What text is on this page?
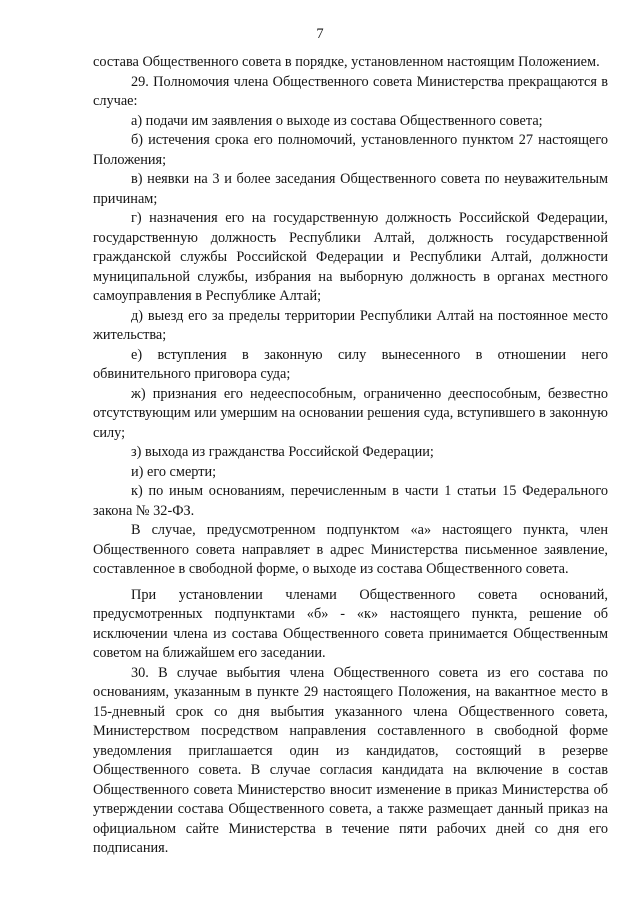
7

состава Общественного совета в порядке, установленном настоящим Положением.

29. Полномочия члена Общественного совета Министерства прекращаются в случае:

а) подачи им заявления о выходе из состава Общественного совета;

б) истечения срока его полномочий, установленного пунктом 27 настоящего Положения;

в) неявки на 3 и более заседания Общественного совета по неуважительным причинам;

г) назначения его на государственную должность Российской Федерации, государственную должность Республики Алтай, должность государственной гражданской службы Российской Федерации и Республики Алтай, должности муниципальной службы, избрания на выборную должность в органах местного самоуправления в Республике Алтай;

д) выезд его за пределы территории Республики Алтай на постоянное место жительства;

е) вступления в законную силу вынесенного в отношении него обвинительного приговора суда;

ж) признания его недееспособным, ограниченно дееспособным, безвестно отсутствующим или умершим на основании решения суда, вступившего в законную силу;

з) выхода из гражданства Российской Федерации;

и) его смерти;

к) по иным основаниям, перечисленным в части 1 статьи 15 Федерального закона № 32-ФЗ.

В случае, предусмотренном подпунктом «а» настоящего пункта, член Общественного совета направляет в адрес Министерства письменное заявление, составленное в свободной форме, о выходе из состава Общественного совета.

При установлении членами Общественного совета оснований, предусмотренных подпунктами «б» - «к» настоящего пункта, решение об исключении члена из состава Общественного совета принимается Общественным советом на ближайшем его заседании.

30. В случае выбытия члена Общественного совета из его состава по основаниям, указанным в пункте 29 настоящего Положения, на вакантное место в 15-дневный срок со дня выбытия указанного члена Общественного совета, Министерством посредством направления составленного в свободной форме уведомления приглашается один из кандидатов, состоящий в резерве Общественного совета. В случае согласия кандидата на включение в состав Общественного совета Министерство вносит изменение в приказ Министерства об утверждении состава Общественного совета, а также размещает данный приказ на официальном сайте Министерства в течение пяти рабочих дней со дня его подписания.
